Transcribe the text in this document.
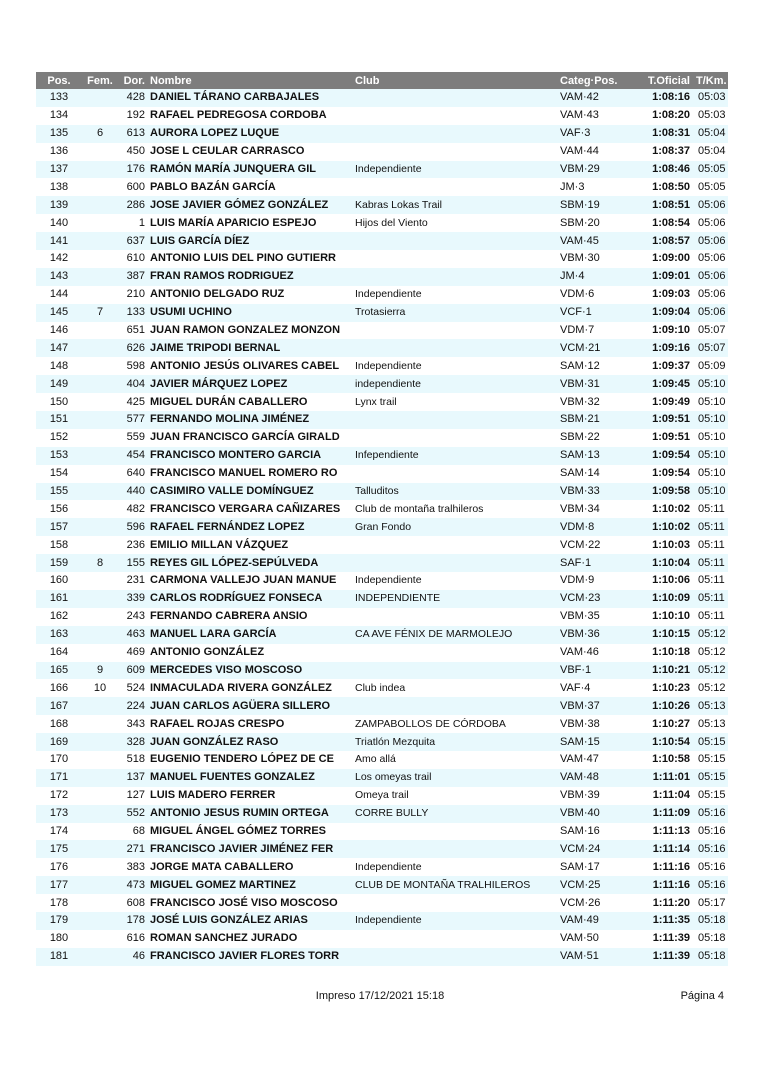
Pos.	Fem.	Dor.	Nombre	Club	Categ·Pos.	T.Oficial	T/Km.
133		428	DANIEL TÁRANO CARBAJALES		VAM·42	1:08:16	05:03
134		192	RAFAEL PEDREGOSA CORDOBA		VAM·43	1:08:20	05:03
135	6	613	AURORA LOPEZ LUQUE		VAF·3	1:08:31	05:04
136		450	JOSE L CEULAR CARRASCO		VAM·44	1:08:37	05:04
137		176	RAMÓN MARÍA JUNQUERA GIL	Independiente	VBM·29	1:08:46	05:05
138		600	PABLO BAZÁN GARCÍA		JM·3	1:08:50	05:05
139		286	JOSE JAVIER GÓMEZ GONZÁLEZ	Kabras Lokas Trail	SBM·19	1:08:51	05:06
140		1	LUIS MARÍA APARICIO ESPEJO	Hijos del Viento	SBM·20	1:08:54	05:06
141		637	LUIS GARCÍA DÍEZ		VAM·45	1:08:57	05:06
142		610	ANTONIO LUIS DEL PINO GUTIERR		VBM·30	1:09:00	05:06
143		387	FRAN RAMOS RODRIGUEZ		JM·4	1:09:01	05:06
144		210	ANTONIO DELGADO RUZ	Independiente	VDM·6	1:09:03	05:06
145	7	133	USUMI UCHINO	Trotasierra	VCF·1	1:09:04	05:06
146		651	JUAN RAMON GONZALEZ MONZON		VDM·7	1:09:10	05:07
147		626	JAIME TRIPODI BERNAL		VCM·21	1:09:16	05:07
148		598	ANTONIO JESÚS OLIVARES CABEL	Independiente	SAM·12	1:09:37	05:09
149		404	JAVIER MÁRQUEZ LOPEZ	independiente	VBM·31	1:09:45	05:10
150		425	MIGUEL DURÁN CABALLERO	Lynx trail	VBM·32	1:09:49	05:10
151		577	FERNANDO MOLINA JIMÉNEZ		SBM·21	1:09:51	05:10
152		559	JUAN FRANCISCO GARCÍA GIRALD		SBM·22	1:09:51	05:10
153		454	FRANCISCO MONTERO GARCIA	Infependiente	SAM·13	1:09:54	05:10
154		640	FRANCISCO MANUEL ROMERO RO		SAM·14	1:09:54	05:10
155		440	CASIMIRO VALLE DOMÍNGUEZ	Talluditos	VBM·33	1:09:58	05:10
156		482	FRANCISCO VERGARA CAÑIZARES	Club de montaña tralhileros	VBM·34	1:10:02	05:11
157		596	RAFAEL FERNÁNDEZ LOPEZ	Gran Fondo	VDM·8	1:10:02	05:11
158		236	EMILIO MILLAN VÁZQUEZ		VCM·22	1:10:03	05:11
159	8	155	REYES GIL LÓPEZ-SEPÚLVEDA		SAF·1	1:10:04	05:11
160		231	CARMONA VALLEJO JUAN MANUE	Independiente	VDM·9	1:10:06	05:11
161		339	CARLOS RODRÍGUEZ FONSECA	INDEPENDIENTE	VCM·23	1:10:09	05:11
162		243	FERNANDO CABRERA ANSIO		VBM·35	1:10:10	05:11
163		463	MANUEL LARA GARCÍA	CA AVE FÉNIX DE MARMOLEJO	VBM·36	1:10:15	05:12
164		469	ANTONIO GONZÁLEZ		VAM·46	1:10:18	05:12
165	9	609	MERCEDES VISO MOSCOSO		VBF·1	1:10:21	05:12
166	10	524	INMACULADA RIVERA GONZÁLEZ	Club indea	VAF·4	1:10:23	05:12
167		224	JUAN CARLOS AGÜERA SILLERO		VBM·37	1:10:26	05:13
168		343	RAFAEL ROJAS CRESPO	ZAMPABOLLOS DE CÓRDOBA	VBM·38	1:10:27	05:13
169		328	JUAN GONZÁLEZ RASO	Triatlón Mezquita	SAM·15	1:10:54	05:15
170		518	EUGENIO TENDERO LÓPEZ DE CE	Amo allá	VAM·47	1:10:58	05:15
171		137	MANUEL FUENTES GONZALEZ	Los omeyas trail	VAM·48	1:11:01	05:15
172		127	LUIS MADERO FERRER	Omeya trail	VBM·39	1:11:04	05:15
173		552	ANTONIO JESUS RUMIN ORTEGA	CORRE BULLY	VBM·40	1:11:09	05:16
174		68	MIGUEL ÁNGEL GÓMEZ TORRES		SAM·16	1:11:13	05:16
175		271	FRANCISCO JAVIER JIMÉNEZ FER		VCM·24	1:11:14	05:16
176		383	JORGE MATA CABALLERO	Independiente	SAM·17	1:11:16	05:16
177		473	MIGUEL GOMEZ MARTINEZ	CLUB DE MONTAÑA TRALHILEROS	VCM·25	1:11:16	05:16
178		608	FRANCISCO JOSÉ VISO MOSCOSO		VCM·26	1:11:20	05:17
179		178	JOSÉ LUIS GONZÁLEZ ARIAS	Independiente	VAM·49	1:11:35	05:18
180		616	ROMAN SANCHEZ JURADO		VAM·50	1:11:39	05:18
181		46	FRANCISCO JAVIER FLORES TORR		VAM·51	1:11:39	05:18
Impreso 17/12/2021 15:18	Página 4
